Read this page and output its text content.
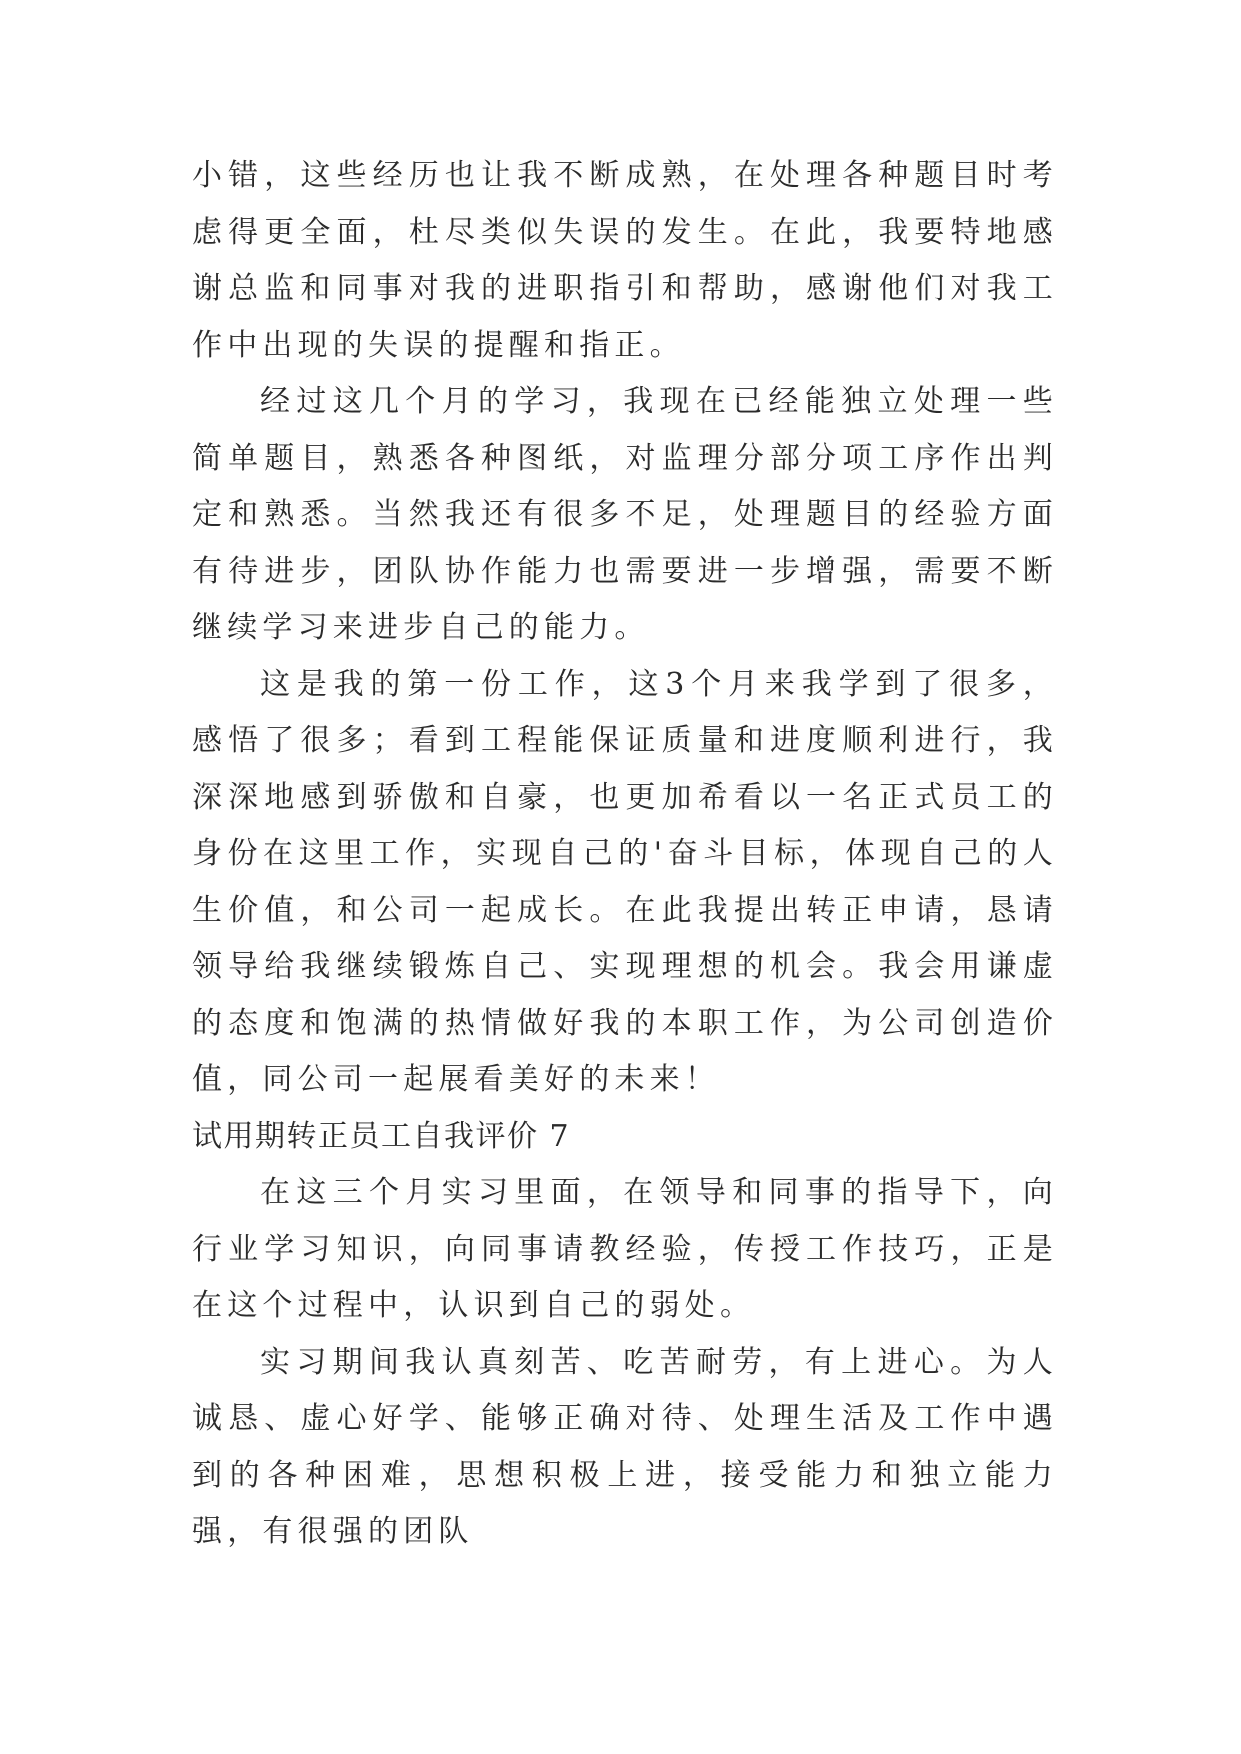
小错，这些经历也让我不断成熟，在处理各种题目时考虑得更全面，杜尽类似失误的发生。在此，我要特地感谢总监和同事对我的进职指引和帮助，感谢他们对我工作中出现的失误的提醒和指正。

经过这几个月的学习，我现在已经能独立处理一些简单题目，熟悉各种图纸，对监理分部分项工序作出判定和熟悉。当然我还有很多不足，处理题目的经验方面有待进步，团队协作能力也需要进一步增强，需要不断继续学习来进步自己的能力。

这是我的第一份工作，这3个月来我学到了很多，感悟了很多；看到工程能保证质量和进度顺利进行，我深深地感到骄傲和自豪，也更加希看以一名正式员工的身份在这里工作，实现自己的'奋斗目标，体现自己的人生价值，和公司一起成长。在此我提出转正申请，恳请领导给我继续锻炼自己、实现理想的机会。我会用谦虚的态度和饱满的热情做好我的本职工作，为公司创造价值，同公司一起展看美好的未来！

试用期转正员工自我评价 7

在这三个月实习里面，在领导和同事的指导下，向行业学习知识，向同事请教经验，传授工作技巧，正是在这个过程中，认识到自己的弱处。

实习期间我认真刻苦、吃苦耐劳，有上进心。为人诚恳、虚心好学、能够正确对待、处理生活及工作中遇到的各种困难，思想积极上进，接受能力和独立能力强，有很强的团队
